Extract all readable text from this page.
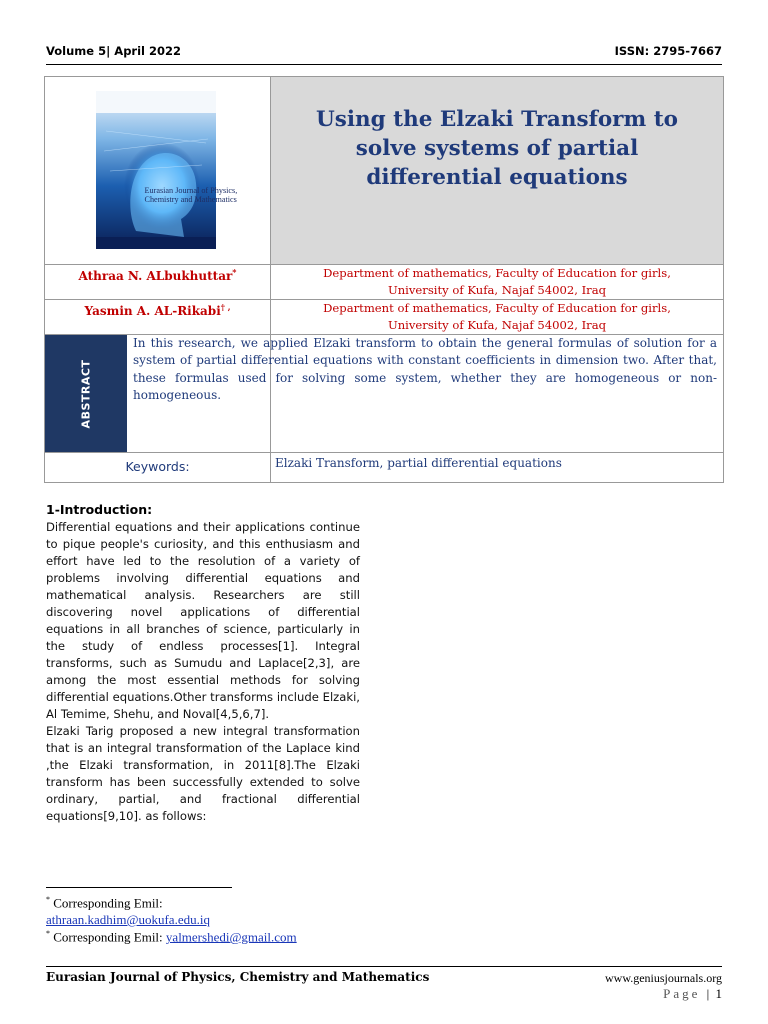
Volume 5| April 2022	ISSN: 2795-7667
Eurasian Journal of Physics,
Chemistry and Mathematics	Using the Elzaki Transform to solve systems of partial differential equations

Athraa N. ALbukhuttar*	Department of mathematics, Faculty of Education for girls,
University of Kufa, Najaf 54002, Iraq
Yasmin A. AL-Rikabi† ,	Department of mathematics, Faculty of Education for girls,
University of Kufa, Najaf 54002, Iraq

ABSTRACT	In this research, we applied Elzaki transform to obtain the general formulas of solution for a system of partial differential equations with constant coefficients in dimension two. After that, these formulas used for solving some system, whether they are homogeneous or non-homogeneous.

Keywords:	Elzaki Transform, partial differential equations
1-Introduction:

Differential equations and their applications continue to pique people's curiosity, and this enthusiasm and effort have led to the resolution of a variety of problems involving differential equations and mathematical analysis. Researchers are still discovering novel applications of differential equations in all branches of science, particularly in the study of endless processes[1]. Integral transforms, such as Sumudu and Laplace[2,3], are among the most essential methods for solving differential equations.Other transforms include Elzaki, Al Temime, Shehu, and Noval[4,5,6,7].

Elzaki Tarig proposed a new integral transformation that is an integral transformation of the Laplace kind ,the Elzaki transformation, in 2011[8].The Elzaki transform has been successfully extended to solve ordinary, partial, and fractional differential equations[9,10]. as follows:

* Corresponding Emil:
athraan.kadhim@uokufa.edu.iq
* Corresponding Emil: yalmershedi@gmail.com
Eurasian Journal of Physics, Chemistry and Mathematics	www.geniusjournals.org
Page | 1
